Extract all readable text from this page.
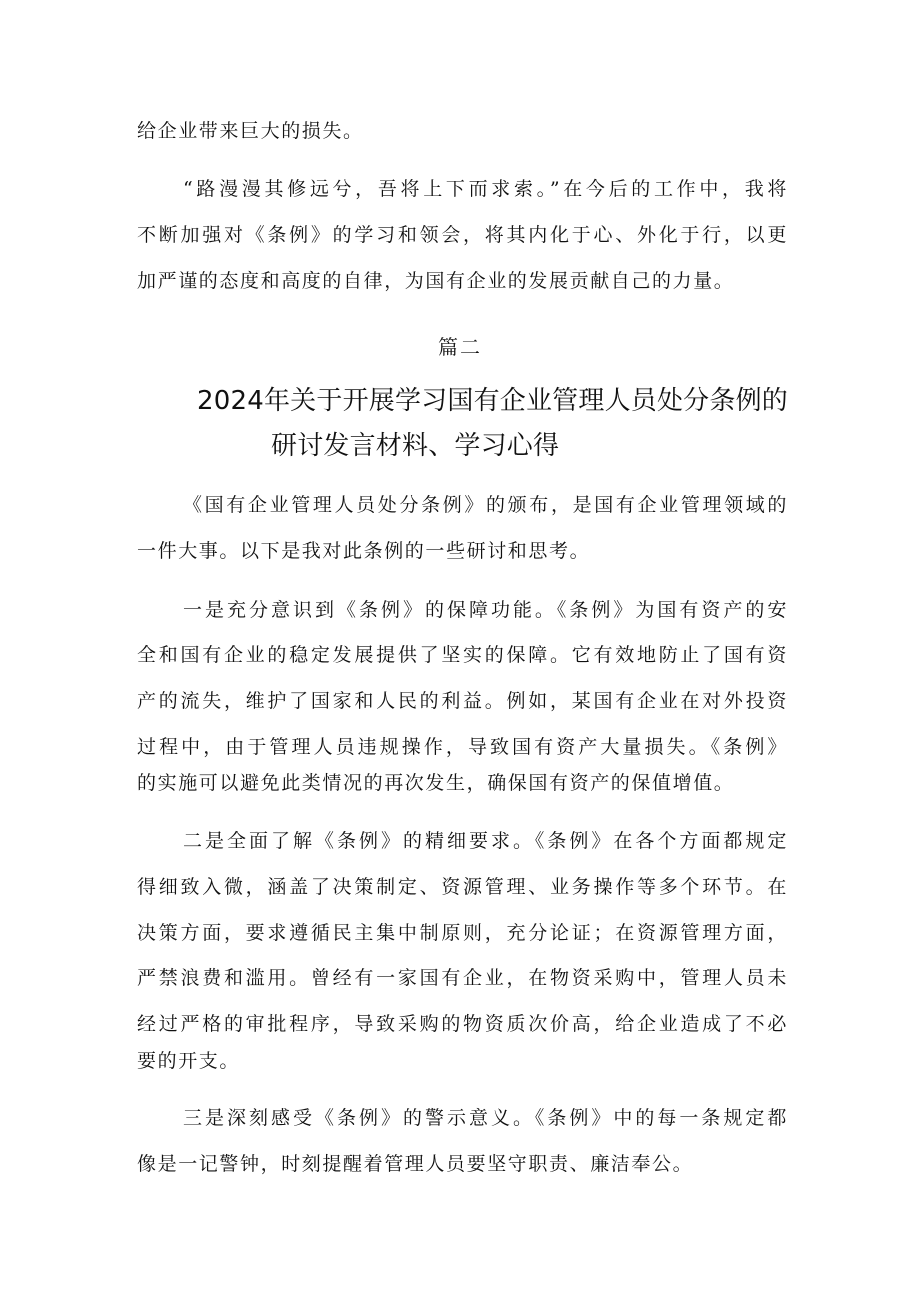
给企业带来巨大的损失。
“路漫漫其修远兮，吾将上下而求索。”在今后的工作中，我将
不断加强对《条例》的学习和领会，将其内化于心、外化于行，以更
加严谨的态度和高度的自律，为国有企业的发展贡献自己的力量。
篇二
2024年关于开展学习国有企业管理人员处分条例的
研讨发言材料、学习心得
《国有企业管理人员处分条例》的颁布，是国有企业管理领域的
一件大事。以下是我对此条例的一些研讨和思考。
一是充分意识到《条例》的保障功能。《条例》为国有资产的安
全和国有企业的稳定发展提供了坚实的保障。它有效地防止了国有资
产的流失，维护了国家和人民的利益。例如，某国有企业在对外投资
过程中，由于管理人员违规操作，导致国有资产大量损失。《条例》
的实施可以避免此类情况的再次发生，确保国有资产的保值增值。
二是全面了解《条例》的精细要求。《条例》在各个方面都规定
得细致入微，涵盖了决策制定、资源管理、业务操作等多个环节。在
决策方面，要求遵循民主集中制原则，充分论证；在资源管理方面，
严禁浪费和滥用。曾经有一家国有企业，在物资采购中，管理人员未
经过严格的审批程序，导致采购的物资质次价高，给企业造成了不必
要的开支。
三是深刻感受《条例》的警示意义。《条例》中的每一条规定都
像是一记警钟，时刻提醒着管理人员要坚守职责、廉洁奉公。
